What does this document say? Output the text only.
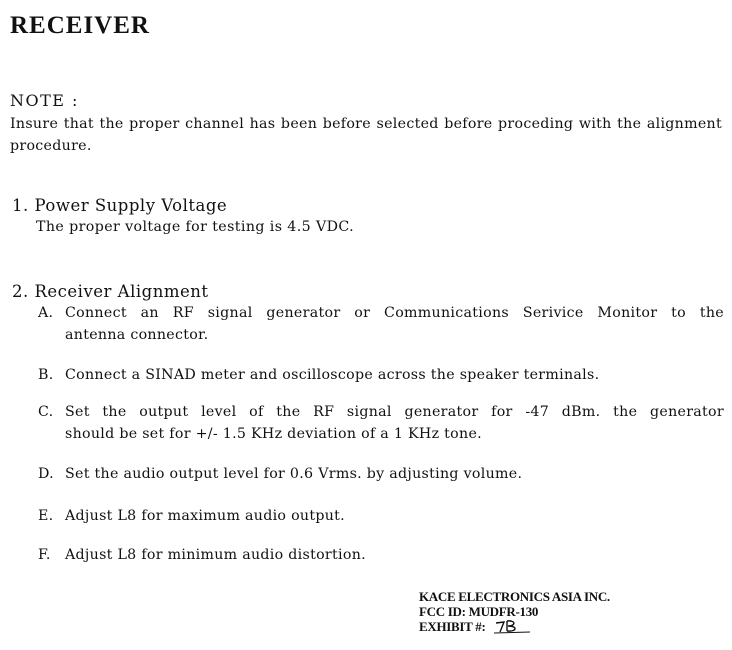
RECEIVER
NOTE :
Insure that the proper channel has been before selected before proceding with the alignment procedure.
1. Power Supply Voltage
The proper voltage for testing is 4.5 VDC.
2. Receiver Alignment
A. Connect an RF signal generator or Communications Serivice Monitor to the
antenna connector.
B. Connect a SINAD meter and oscilloscope across the speaker terminals.
C. Set the output level of the RF signal generator for -47 dBm. the generator
should be set for +/- 1.5 KHz deviation of a 1 KHz tone.
D. Set the audio output level for 0.6 Vrms. by adjusting volume.
E. Adjust L8 for maximum audio output.
F. Adjust L8 for minimum audio distortion.
KACE ELECTRONICS ASIA INC.
FCC ID: MUDFR-130
EXHIBIT #:
